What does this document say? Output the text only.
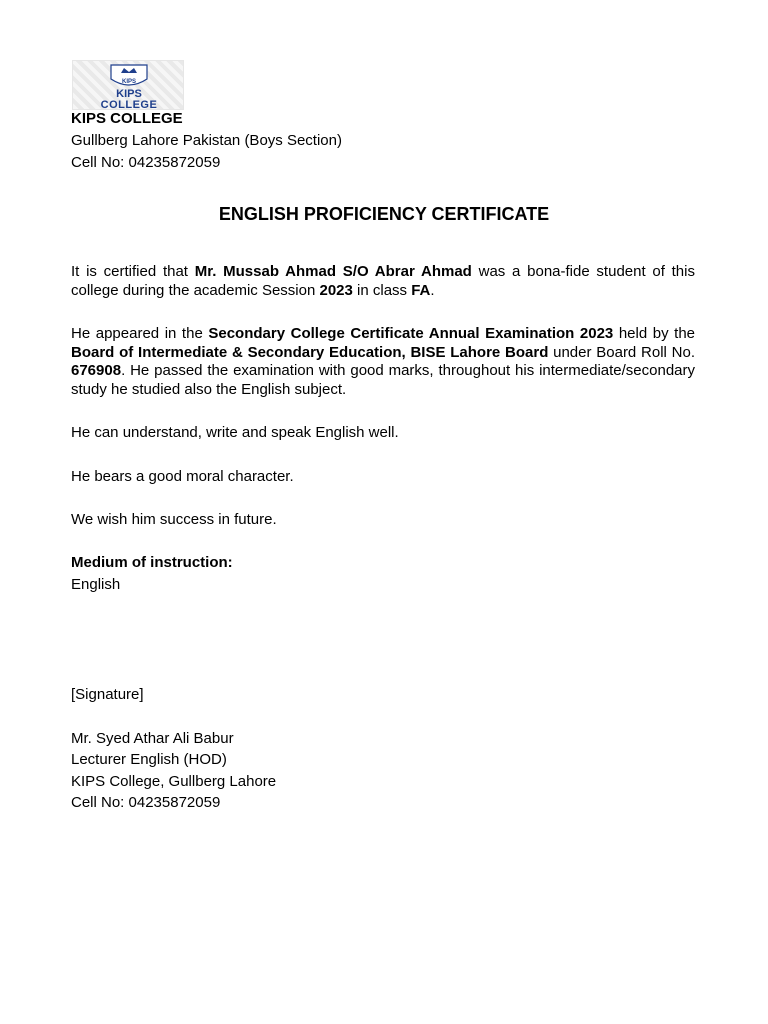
KIPS
KIPS
COLLEGE
KIPS COLLEGE
Gullberg Lahore Pakistan (Boys Section)
Cell No: 04235872059
ENGLISH PROFICIENCY CERTIFICATE
It is certified that Mr. Mussab Ahmad S/O Abrar Ahmad was a bona-fide student of this college during the academic Session 2023 in class FA.
He appeared in the Secondary College Certificate Annual Examination 2023 held by the Board of Intermediate & Secondary Education, BISE Lahore Board under Board Roll No. 676908. He passed the examination with good marks, throughout his intermediate/secondary study he studied also the English subject.
He can understand, write and speak English well.
He bears a good moral character.
We wish him success in future.
Medium of instruction:
English
[Signature]
Mr. Syed Athar Ali Babur
Lecturer English (HOD)
KIPS College, Gullberg Lahore
Cell No: 04235872059
